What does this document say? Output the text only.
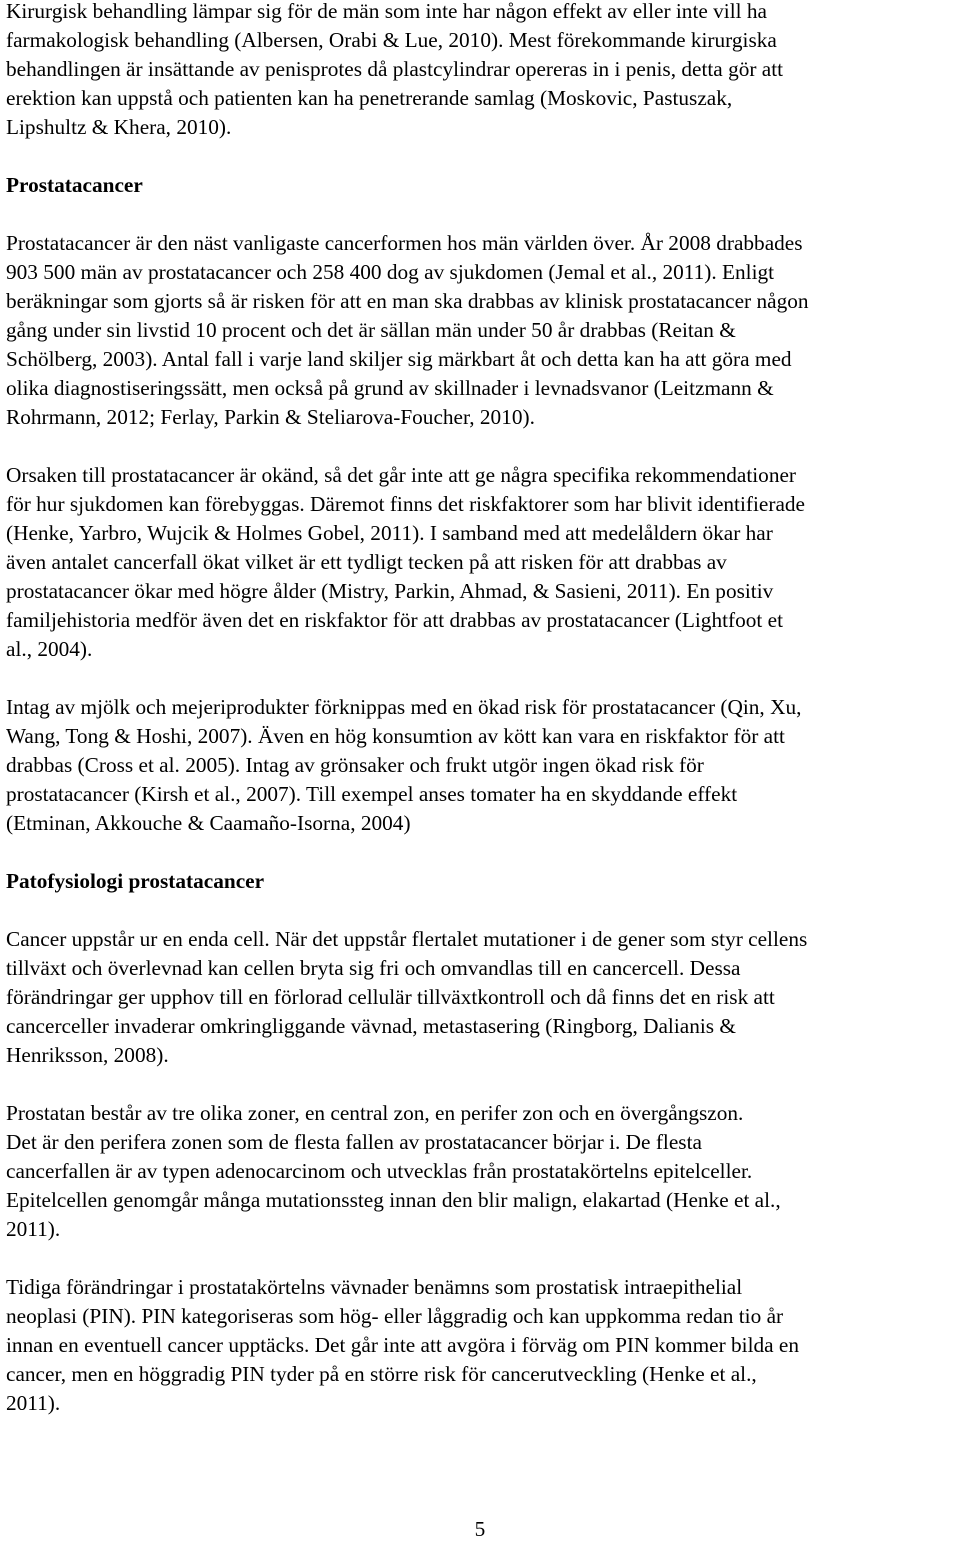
Kirurgisk behandling lämpar sig för de män som inte har någon effekt av eller inte vill ha
farmakologisk behandling (Albersen, Orabi & Lue, 2010). Mest förekommande kirurgiska
behandlingen är insättande av penisprotes då plastcylindrar opereras in i penis, detta gör att
erektion kan uppstå och patienten kan ha penetrerande samlag (Moskovic, Pastuszak,
Lipshultz & Khera, 2010).
Prostatacancer
Prostatacancer är den näst vanligaste cancerformen hos män världen över. År 2008 drabbades
903 500 män av prostatacancer och 258 400 dog av sjukdomen (Jemal et al., 2011). Enligt
beräkningar som gjorts så är risken för att en man ska drabbas av klinisk prostatacancer någon
gång under sin livstid 10 procent och det är sällan män under 50 år drabbas (Reitan &
Schölberg, 2003). Antal fall i varje land skiljer sig märkbart åt och detta kan ha att göra med
olika diagnostiseringssätt, men också på grund av skillnader i levnadsvanor (Leitzmann &
Rohrmann, 2012; Ferlay, Parkin & Steliarova-Foucher, 2010).
Orsaken till prostatacancer är okänd, så det går inte att ge några specifika rekommendationer
för hur sjukdomen kan förebyggas. Däremot finns det riskfaktorer som har blivit identifierade
(Henke, Yarbro, Wujcik & Holmes Gobel, 2011). I samband med att medelåldern ökar har
även antalet cancerfall ökat vilket är ett tydligt tecken på att risken för att drabbas av
prostatacancer ökar med högre ålder (Mistry, Parkin, Ahmad, & Sasieni, 2011). En positiv
familjehistoria medför även det en riskfaktor för att drabbas av prostatacancer (Lightfoot et
al., 2004).
Intag av mjölk och mejeriprodukter förknippas med en ökad risk för prostatacancer (Qin, Xu,
Wang, Tong & Hoshi, 2007). Även en hög konsumtion av kött kan vara en riskfaktor för att
drabbas (Cross et al. 2005). Intag av grönsaker och frukt utgör ingen ökad risk för
prostatacancer (Kirsh et al., 2007). Till exempel anses tomater ha en skyddande effekt
(Etminan, Akkouche & Caamaño-Isorna, 2004)
Patofysiologi prostatacancer
Cancer uppstår ur en enda cell. När det uppstår flertalet mutationer i de gener som styr cellens
tillväxt och överlevnad kan cellen bryta sig fri och omvandlas till en cancercell. Dessa
förändringar ger upphov till en förlorad cellulär tillväxtkontroll och då finns det en risk att
cancerceller invaderar omkringliggande vävnad, metastasering (Ringborg, Dalianis &
Henriksson, 2008).
Prostatan består av tre olika zoner, en central zon, en perifer zon och en övergångszon.
Det är den perifera zonen som de flesta fallen av prostatacancer börjar i. De flesta
cancerfallen är av typen adenocarcinom och utvecklas från prostatakörtelns epitelceller.
Epitelcellen genomgår många mutationssteg innan den blir malign, elakartad (Henke et al.,
2011).
Tidiga förändringar i prostatakörtelns vävnader benämns som prostatisk intraepithelial
neoplasi (PIN). PIN kategoriseras som hög- eller låggradig och kan uppkomma redan tio år
innan en eventuell cancer upptäcks. Det går inte att avgöra i förväg om PIN kommer bilda en
cancer, men en höggradig PIN tyder på en större risk för cancerutveckling (Henke et al.,
2011).
5
